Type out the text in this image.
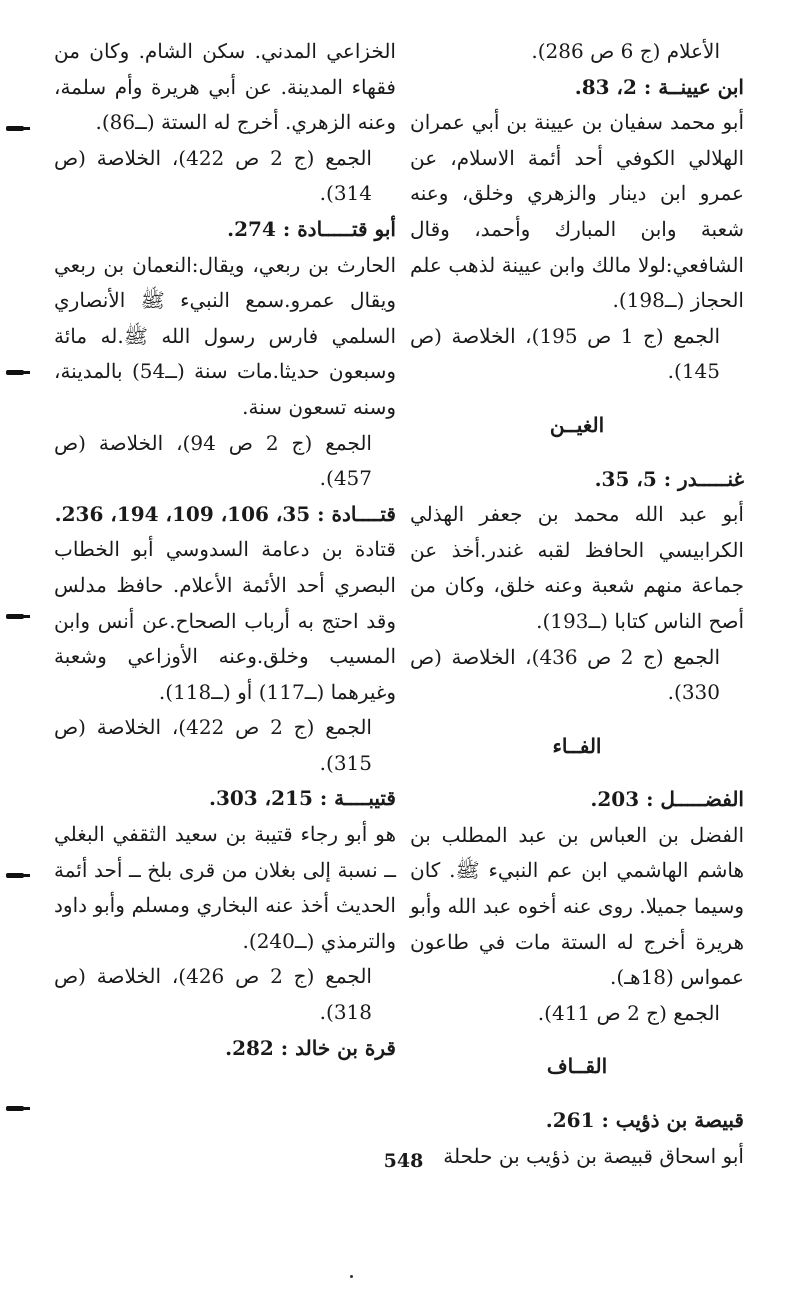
الأعلام (ج 6 ص 286).

ابن عيينــة : 2، 83.

أبو محمد سفيان بن عيينة بن أبي عمران الهلالي الكوفي أحد أئمة الاسلام، عن عمرو ابن دينار والزهري وخلق، وعنه شعبة وابن المبارك وأحمد، وقال الشافعي:لولا مالك وابن عيينة لذهب علم الحجاز (ــ198).

الجمع (ج 1 ص 195)، الخلاصة (ص 145).

الغيــن

غنـــــدر : 5، 35.

أبو عبد الله محمد بن جعفر الهذلي الكرابيسي الحافظ لقبه غندر.أخذ عن جماعة منهم شعبة وعنه خلق، وكان من أصح الناس كتابا (ــ193).

الجمع (ج 2 ص 436)، الخلاصة (ص 330).

الفــاء

الفضـــــل : 203.

الفضل بن العباس بن عبد المطلب بن هاشم الهاشمي ابن عم النبيء ﷺ. كان وسيما جميلا. روى عنه أخوه عبد الله وأبو هريرة أخرج له الستة مات في طاعون عمواس (18هـ).

الجمع (ج 2 ص 411).

القــاف

قبيصة بن ذؤيب : 261.

أبو اسحاق قبيصة بن ذؤيب بن حلحلة

الخزاعي المدني. سكن الشام. وكان من فقهاء المدينة. عن أبي هريرة وأم سلمة، وعنه الزهري. أخرج له الستة (ــ86).

الجمع (ج 2 ص 422)، الخلاصة (ص 314).

أبو قتـــــادة : 274.

الحارث بن ربعي، ويقال:النعمان بن ربعي ويقال عمرو.سمع النبيء ﷺ الأنصاري السلمي فارس رسول الله ﷺ.له مائة وسبعون حديثا.مات سنة (ــ54) بالمدينة، وسنه تسعون سنة.

الجمع (ج 2 ص 94)، الخلاصة (ص 457).

قتــــادة : 35، 106، 109، 194، 236.

قتادة بن دعامة السدوسي أبو الخطاب البصري أحد الأئمة الأعلام. حافظ مدلس وقد احتج به أرباب الصحاح.عن أنس وابن المسيب وخلق.وعنه الأوزاعي وشعبة وغيرهما (ــ117) أو (ــ118).

الجمع (ج 2 ص 422)، الخلاصة (ص 315).

قتيبــــة : 215، 303.

هو أبو رجاء قتيبة بن سعيد الثقفي البغلي ــ نسبة إلى بغلان من قرى بلخ ــ أحد أئمة الحديث أخذ عنه البخاري ومسلم وأبو داود والترمذي (ــ240).

الجمع (ج 2 ص 426)، الخلاصة (ص 318).

قرة بن خالد : 282.

548
